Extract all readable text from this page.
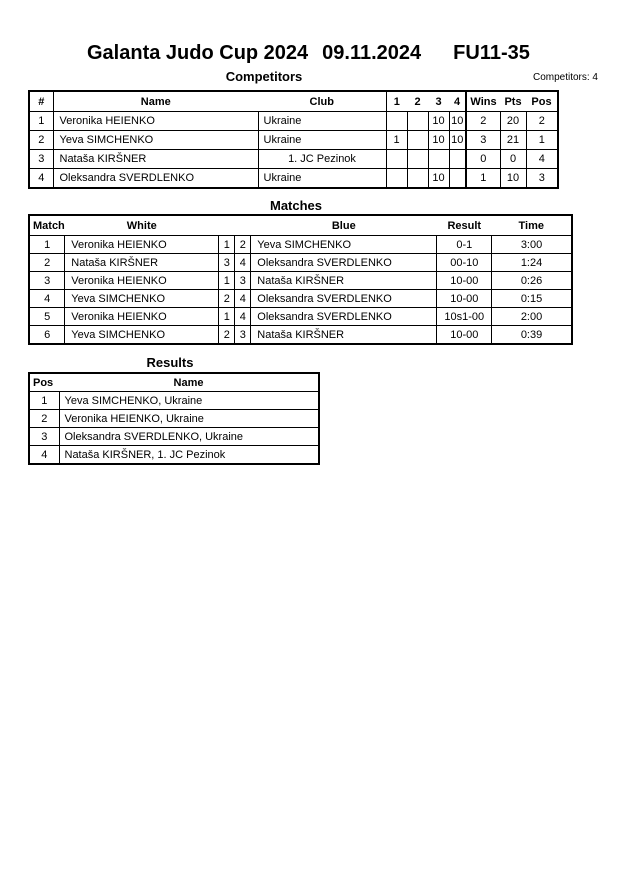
Galanta Judo Cup 2024 09.11.2024 FU11-35
Competitors	Competitors: 4
#	Name	Club	1	2	3	4	Wins	Pts	Pos
1	Veronika HEIENKO	Ukraine			10	10	2	20	2
2	Yeva SIMCHENKO	Ukraine	1		10	10	3	21	1
3	Nataša KIRŠNER	1. JC Pezinok					0	0	4
4	Oleksandra SVERDLENKO	Ukraine			10		1	10	3
Matches
Match	White			Blue	Result	Time
1	Veronika HEIENKO	1	2	Yeva SIMCHENKO	0-1	3:00
2	Nataša KIRŠNER	3	4	Oleksandra SVERDLENKO	00-10	1:24
3	Veronika HEIENKO	1	3	Nataša KIRŠNER	10-00	0:26
4	Yeva SIMCHENKO	2	4	Oleksandra SVERDLENKO	10-00	0:15
5	Veronika HEIENKO	1	4	Oleksandra SVERDLENKO	10s1-00	2:00
6	Yeva SIMCHENKO	2	3	Nataša KIRŠNER	10-00	0:39
Results
Pos	Name
1	Yeva SIMCHENKO, Ukraine
2	Veronika HEIENKO, Ukraine
3	Oleksandra SVERDLENKO, Ukraine
4	Nataša KIRŠNER, 1. JC Pezinok
